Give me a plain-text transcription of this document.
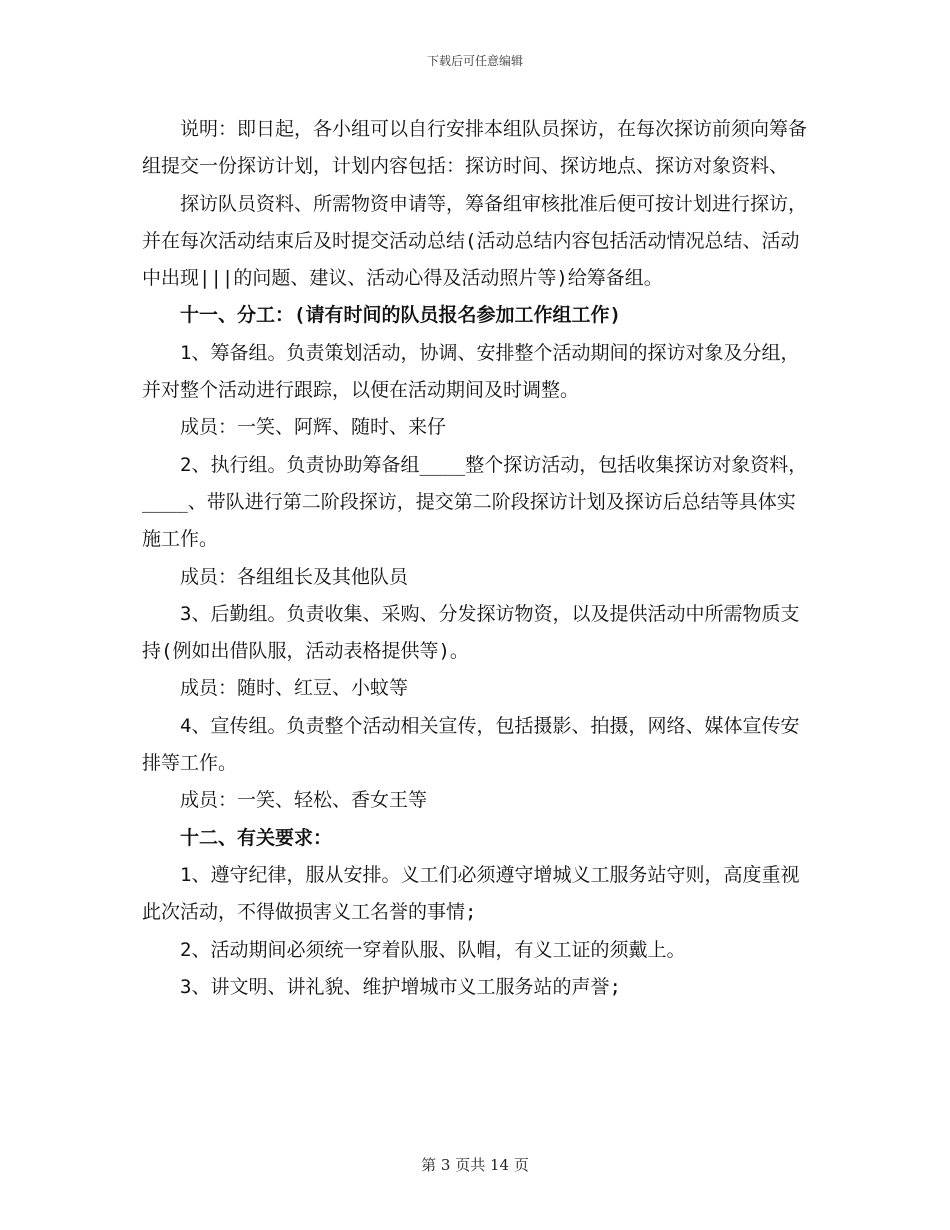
下载后可任意编辑

说明：即日起，各小组可以自行安排本组队员探访，在每次探访前须向筹备组提交一份探访计划，计划内容包括：探访时间、探访地点、探访对象资料、

探访队员资料、所需物资申请等，筹备组审核批准后便可按计划进行探访，并在每次活动结束后及时提交活动总结(活动总结内容包括活动情况总结、活动中出现|||的问题、建议、活动心得及活动照片等)给筹备组。

十一、分工：(请有时间的队员报名参加工作组工作)

1、筹备组。负责策划活动，协调、安排整个活动期间的探访对象及分组，并对整个活动进行跟踪，以便在活动期间及时调整。

成员：一笑、阿辉、随时、来仔

2、执行组。负责协助筹备组____整个探访活动，包括收集探访对象资料，____、带队进行第二阶段探访，提交第二阶段探访计划及探访后总结等具体实施工作。

成员：各组组长及其他队员

3、后勤组。负责收集、采购、分发探访物资，以及提供活动中所需物质支持(例如出借队服，活动表格提供等)。

成员：随时、红豆、小蚊等

4、宣传组。负责整个活动相关宣传，包括摄影、拍摄，网络、媒体宣传安排等工作。

成员：一笑、轻松、香女王等

十二、有关要求：

1、遵守纪律，服从安排。义工们必须遵守增城义工服务站守则，高度重视此次活动，不得做损害义工名誉的事情;

2、活动期间必须统一穿着队服、队帽，有义工证的须戴上。

3、讲文明、讲礼貌、维护增城市义工服务站的声誉;

第 3 页共 14 页
